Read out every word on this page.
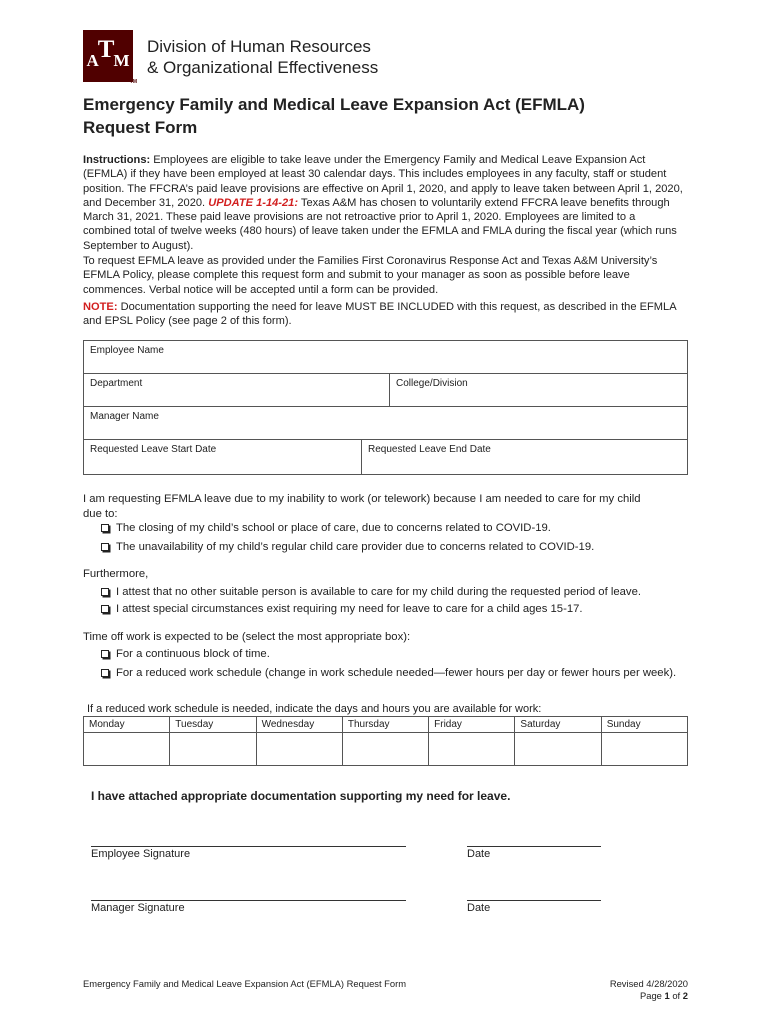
A T M
TM
Division of Human Resources
& Organizational Effectiveness
Emergency Family and Medical Leave Expansion Act (EFMLA)
Request Form
Instructions: Employees are eligible to take leave under the Emergency Family and Medical Leave Expansion Act (EFMLA) if they have been employed at least 30 calendar days. This includes employees in any faculty, staff or student position. The FFCRA’s paid leave provisions are effective on April 1, 2020, and apply to leave taken between April 1, 2020, and December 31, 2020. UPDATE 1-14-21: Texas A&M has chosen to voluntarily extend FFCRA leave benefits through March 31, 2021. These paid leave provisions are not retroactive prior to April 1, 2020. Employees are limited to a combined total of twelve weeks (480 hours) of leave taken under the EFMLA and FMLA during the fiscal year (which runs September to August).
To request EFMLA leave as provided under the Families First Coronavirus Response Act and Texas A&M University’s EFMLA Policy, please complete this request form and submit to your manager as soon as possible before leave commences. Verbal notice will be accepted until a form can be provided.
NOTE: Documentation supporting the need for leave MUST BE INCLUDED with this request, as described in the EFMLA and EPSL Policy (see page 2 of this form).
Employee Name
Department	College/Division
Manager Name
Requested Leave Start Date	Requested Leave End Date
I am requesting EFMLA leave due to my inability to work (or telework) because I am needed to care for my child due to:
The closing of my child’s school or place of care, due to concerns related to COVID-19.
The unavailability of my child’s regular child care provider due to concerns related to COVID-19.
Furthermore,
I attest that no other suitable person is available to care for my child during the requested period of leave.
I attest special circumstances exist requiring my need for leave to care for a child ages 15-17.
Time off work is expected to be (select the most appropriate box):
For a continuous block of time.
For a reduced work schedule (change in work schedule needed—fewer hours per day or fewer hours per week).
If a reduced work schedule is needed, indicate the days and hours you are available for work:
Monday	Tuesday	Wednesday	Thursday	Friday	Saturday	Sunday

I have attached appropriate documentation supporting my need for leave.
Employee Signature	Date
Manager Signature	Date
Emergency Family and Medical Leave Expansion Act (EFMLA) Request Form	Revised 4/28/2020
Page 1 of 2
